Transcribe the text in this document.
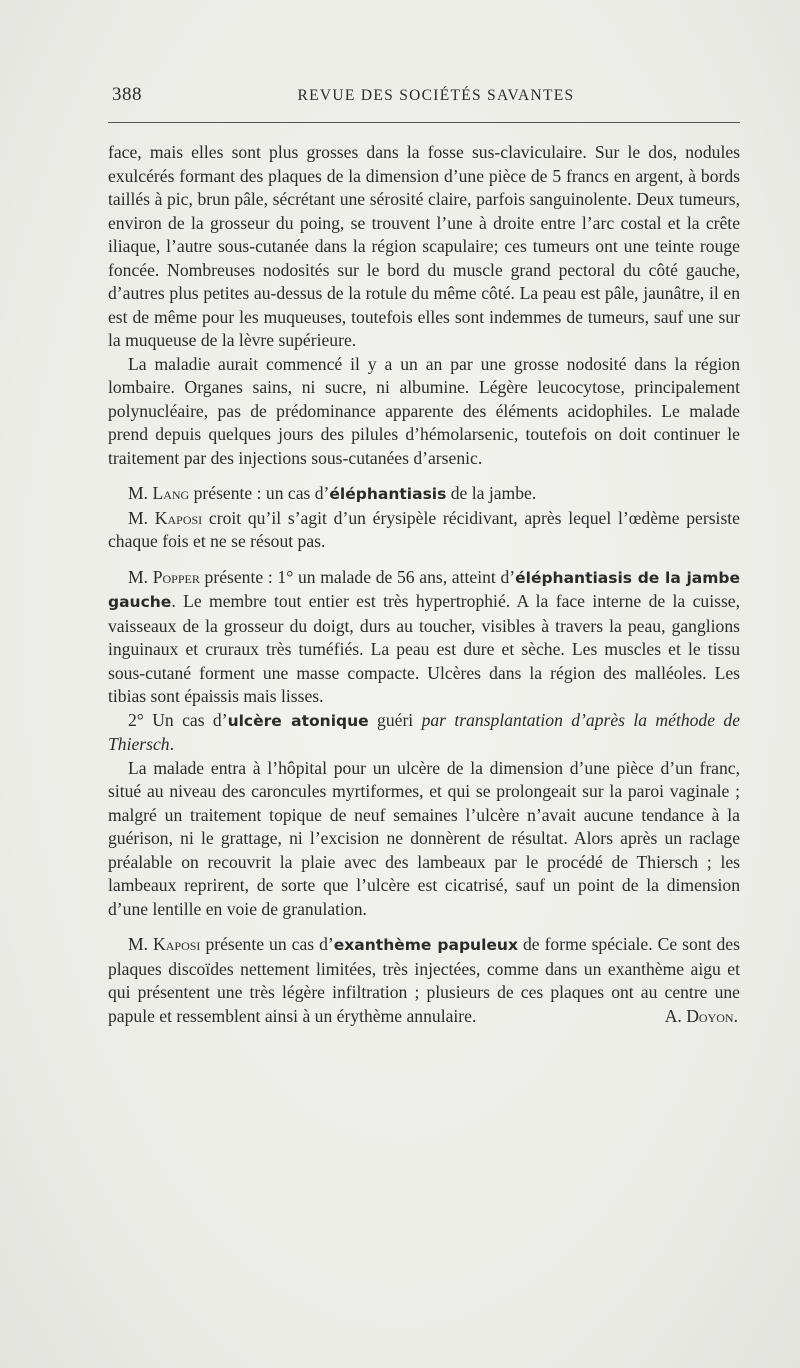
388	REVUE DES SOCIÉTÉS SAVANTES

face, mais elles sont plus grosses dans la fosse sus-claviculaire. Sur le dos, nodules exulcérés formant des plaques de la dimension d’une pièce de 5 francs en argent, à bords taillés à pic, brun pâle, sécrétant une sérosité claire, parfois sanguinolente. Deux tumeurs, environ de la grosseur du poing, se trouvent l’une à droite entre l’arc costal et la crête iliaque, l’autre sous-cutanée dans la région scapulaire; ces tumeurs ont une teinte rouge foncée. Nombreuses nodosités sur le bord du muscle grand pectoral du côté gauche, d’autres plus petites au-dessus de la rotule du même côté. La peau est pâle, jaunâtre, il en est de même pour les muqueuses, toutefois elles sont indemmes de tumeurs, sauf une sur la muqueuse de la lèvre supérieure.

La maladie aurait commencé il y a un an par une grosse nodosité dans la région lombaire. Organes sains, ni sucre, ni albumine. Légère leucocytose, principalement polynucléaire, pas de prédominance apparente des éléments acidophiles. Le malade prend depuis quelques jours des pilules d’hémolarsenic, toutefois on doit continuer le traitement par des injections sous-cutanées d’arsenic.

M. Lang présente : un cas d’éléphantiasis de la jambe.

M. Kaposi croit qu’il s’agit d’un érysipèle récidivant, après lequel l’œdème persiste chaque fois et ne se résout pas.

M. Popper présente : 1° un malade de 56 ans, atteint d’éléphantiasis de la jambe gauche. Le membre tout entier est très hypertrophié. A la face interne de la cuisse, vaisseaux de la grosseur du doigt, durs au toucher, visibles à travers la peau, ganglions inguinaux et cruraux très tuméfiés. La peau est dure et sèche. Les muscles et le tissu sous-cutané forment une masse compacte. Ulcères dans la région des malléoles. Les tibias sont épaissis mais lisses.

2° Un cas d’ulcère atonique guéri par transplantation d’après la méthode de Thiersch.

La malade entra à l’hôpital pour un ulcère de la dimension d’une pièce d’un franc, situé au niveau des caroncules myrtiformes, et qui se prolongeait sur la paroi vaginale ; malgré un traitement topique de neuf semaines l’ulcère n’avait aucune tendance à la guérison, ni le grattage, ni l’excision ne donnèrent de résultat. Alors après un raclage préalable on recouvrit la plaie avec des lambeaux par le procédé de Thiersch ; les lambeaux reprirent, de sorte que l’ulcère est cicatrisé, sauf un point de la dimension d’une lentille en voie de granulation.

M. Kaposi présente un cas d’exanthème papuleux de forme spéciale. Ce sont des plaques discoïdes nettement limitées, très injectées, comme dans un exanthème aigu et qui présentent une très légère infiltration ; plusieurs de ces plaques ont au centre une papule et ressemblent ainsi à un érythème annulaire.	A. Doyon.
